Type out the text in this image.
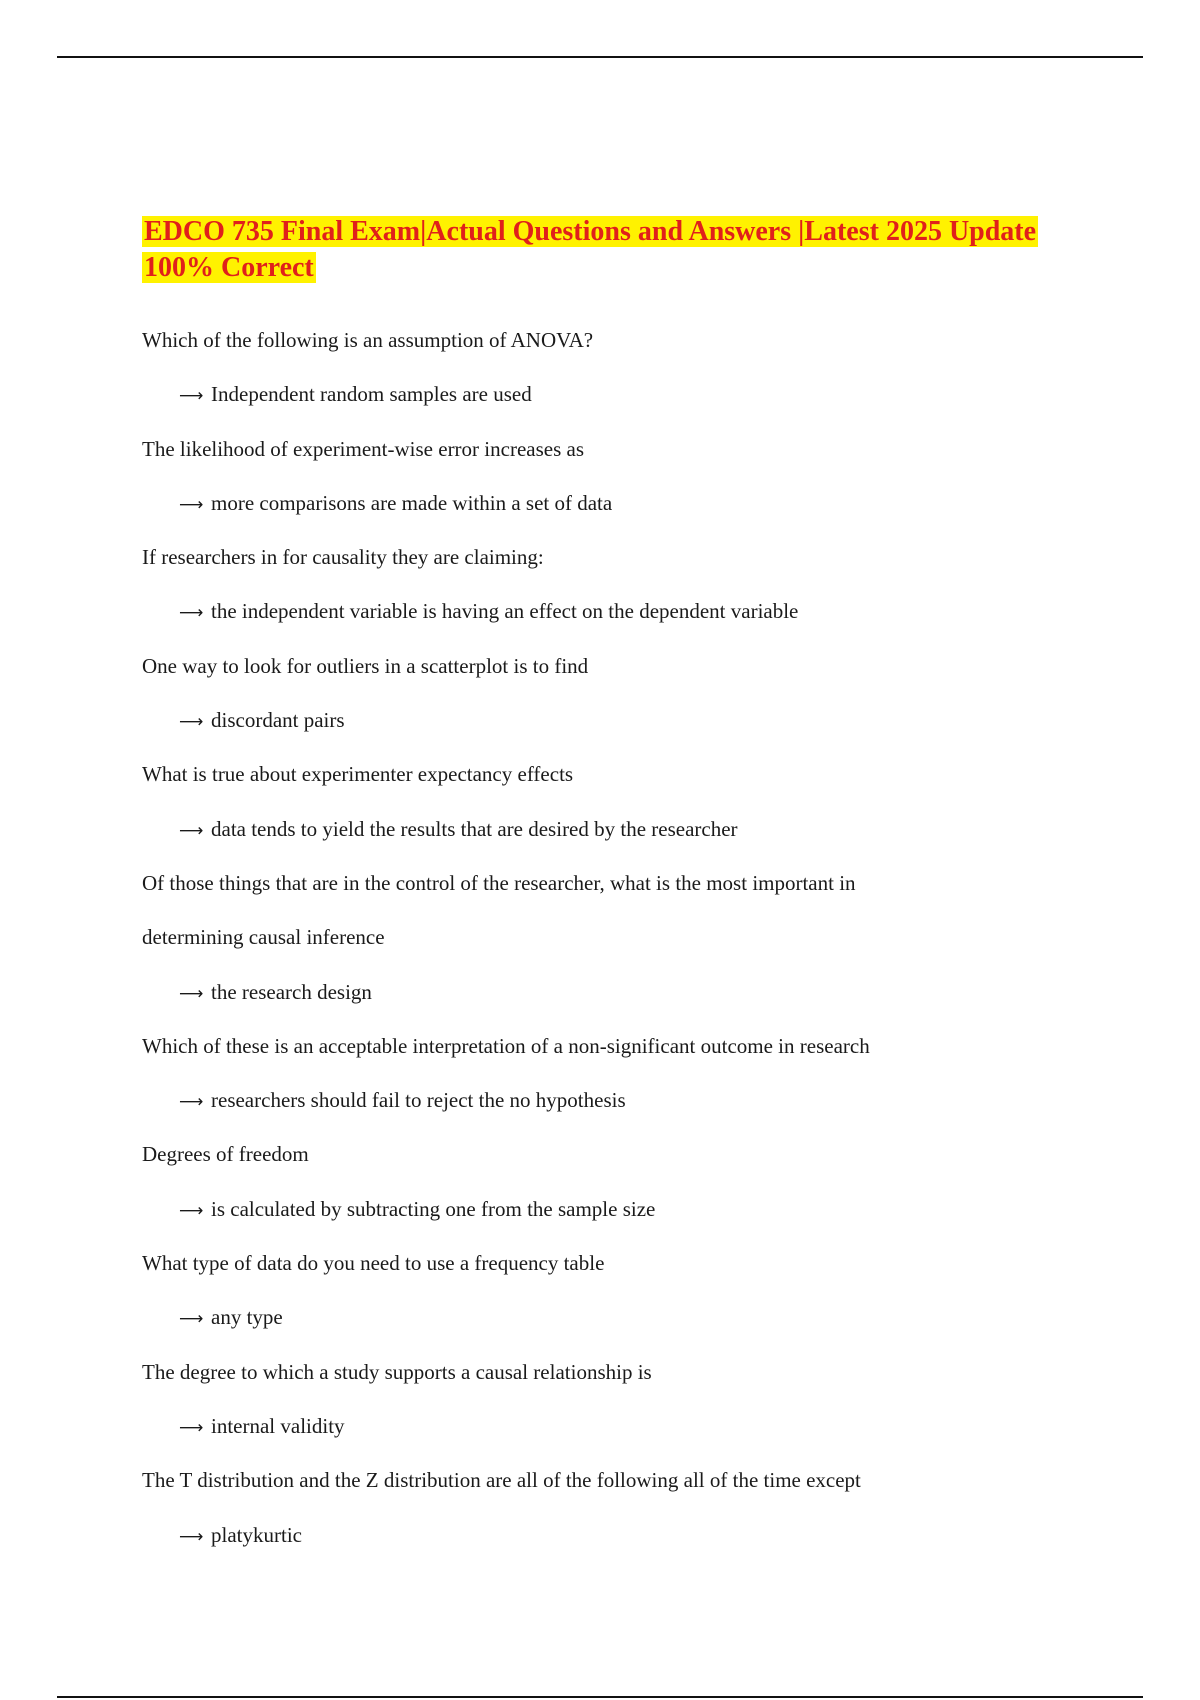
EDCO 735 Final Exam|Actual Questions and Answers |Latest 2025 Update 100% Correct
Which of the following is an assumption of ANOVA?
⟶ Independent random samples are used
The likelihood of experiment-wise error increases as
⟶ more comparisons are made within a set of data
If researchers in for causality they are claiming:
⟶ the independent variable is having an effect on the dependent variable
One way to look for outliers in a scatterplot is to find
⟶ discordant pairs
What is true about experimenter expectancy effects
⟶ data tends to yield the results that are desired by the researcher
Of those things that are in the control of the researcher, what is the most important in
determining causal inference
⟶ the research design
Which of these is an acceptable interpretation of a non-significant outcome in research
⟶ researchers should fail to reject the no hypothesis
Degrees of freedom
⟶ is calculated by subtracting one from the sample size
What type of data do you need to use a frequency table
⟶ any type
The degree to which a study supports a causal relationship is
⟶ internal validity
The T distribution and the Z distribution are all of the following all of the time except
⟶ platykurtic
